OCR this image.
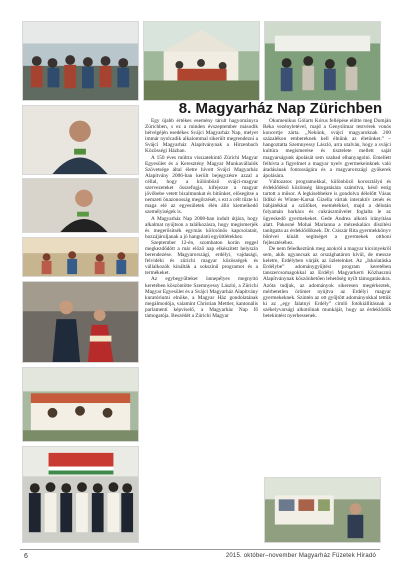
8. Magyarház Nap Zürichben

Egy újabb értékes esemény tárult hagyományra Zürichben, s ez a minden évszeptember második hétvégéjén esedékes Svájci Magyarház Nap, melyet immár nyolcadik alkalommal sikerült megrendezni a Svájci Magyarház Alapítványnak a Hirzenbach Közösségi Házban.

A 150 éves múltra visszatekintő Zürichi Magyar Egyesület és a Keresztény Magyar Munkavállalók Szövetsége által életre hívott Svájci Magyarház Alapítvány 2006-ban került bejegyzésre azzal a céllal, hogy a különböző svájci-magyar szervezeteket összefogja, kifejezze a magyar jövőbebe vetett bizalmunkat és hitünket, elősegítse a nemzeti önazonosság megőrzését, s ezt a célt tűzte ki maga elé az egyesületek élén álló kiemelkedő személyiségek is.

A Magyarház Nap 2008-ban indult útjára, hogy alkalmat nyújtson a találkozásra, hogy megismerjék és megerősítsék egymás kölcsönös kapcsolatait, hozzájáruljanak a jó hangulatú együttlétekhez.

Szeptember 12-én, szombaton korán reggel megkezdődött a már előző nap elkészített helyszín berendezése. Magyarországi, erdélyi, vajdasági, felvidéki és zürichi magyar közösségek és vállalkozók kínálták a sokszínű programot és a termékeket.

Az egybegyűlteket ünnepélyes megnyitó keretében köszöntötte Szemnyessy László, a Zürichi Magyar Egyesület és a Svájci Magyarház Alapítvány kuratóriumi elnöke, a Magyar Ház gondolatának megálmodója, valamint Christian Mettler, kantonális parlamenti képviselő, a Magyarház Nap fő támogatója. Beszédét a Zürichi Magyar

Ökumenikus Gólarts Kórus fellépése előtte meg Domján Réka vezényletével, majd a Genyslimar testvérek vonós koncertje zárta. „Nekünk, svájci magyaroknak 200 százalékon embereknek kell élnünk az életünket.” – hangoztatta Szemnyessy László, arra utalván, hogy a svájci kultúra megismerése és tisztelete mellett saját magyarságunk ápolását sem szabad elhanyagolni. Emellett felhívta a figyelmet a magyar nyelv gyermekeinknek való átadásának fontosságára és a magyarországi gyökerek ápolására.

Változatos programokkal, különböző korosztályú és érdeklődésű közönség látogatására számítva, késő estig tartott a műsor. A legkisebbekre is gondolva délelőtt Vásas Ildikó és Winter-Karsai Gizella vártak interaktív zenés és bábjátékkal a szülőket, esemétékkel, majd a délután folyamán barkács és cukrászművelet foglalta le az ügyeskedő gyermekeket. Gede Andrea alkotó irányítása alatt. Pakosné Mohai Marianna a mézeskalács díszítési tanítgatta az érdeklődőknek. Dr. Csiszár Rita gyermekkönyv bőrével kínált segítséget a gyermekek otthoni fejlesztéséhez.

De nem feledkeztünk meg azokról a magyar kicsinyekről sem, akik ugyancsak az országhatáron kívül, de messze keletre, Erdélyben várják az üzleteinket. Az „Iskolatáska Erdélybe” adománygyűjtési program keretében tanszercsomagokkal az Erdélyi Magyarkerti Közhasznú Alapítványnak köszönhetően lehetőség nyílt támogatásukra. Azóta tudjuk, az adományok sikeresen megérkeztek, mérhetetlen örömet nyújtva az Erdélyi magyar gyermekeknek. Szintén az ott gyűjtött adományokkal tettük ki az „egy falatnyi Erdély” címlő fotókiállításnak a székelyvarsági alkotóinak munkáját, hogy az érdeklődők betekintést nyerhessenek.

6	2015. október–november Magyarház Füzetek Híradó
